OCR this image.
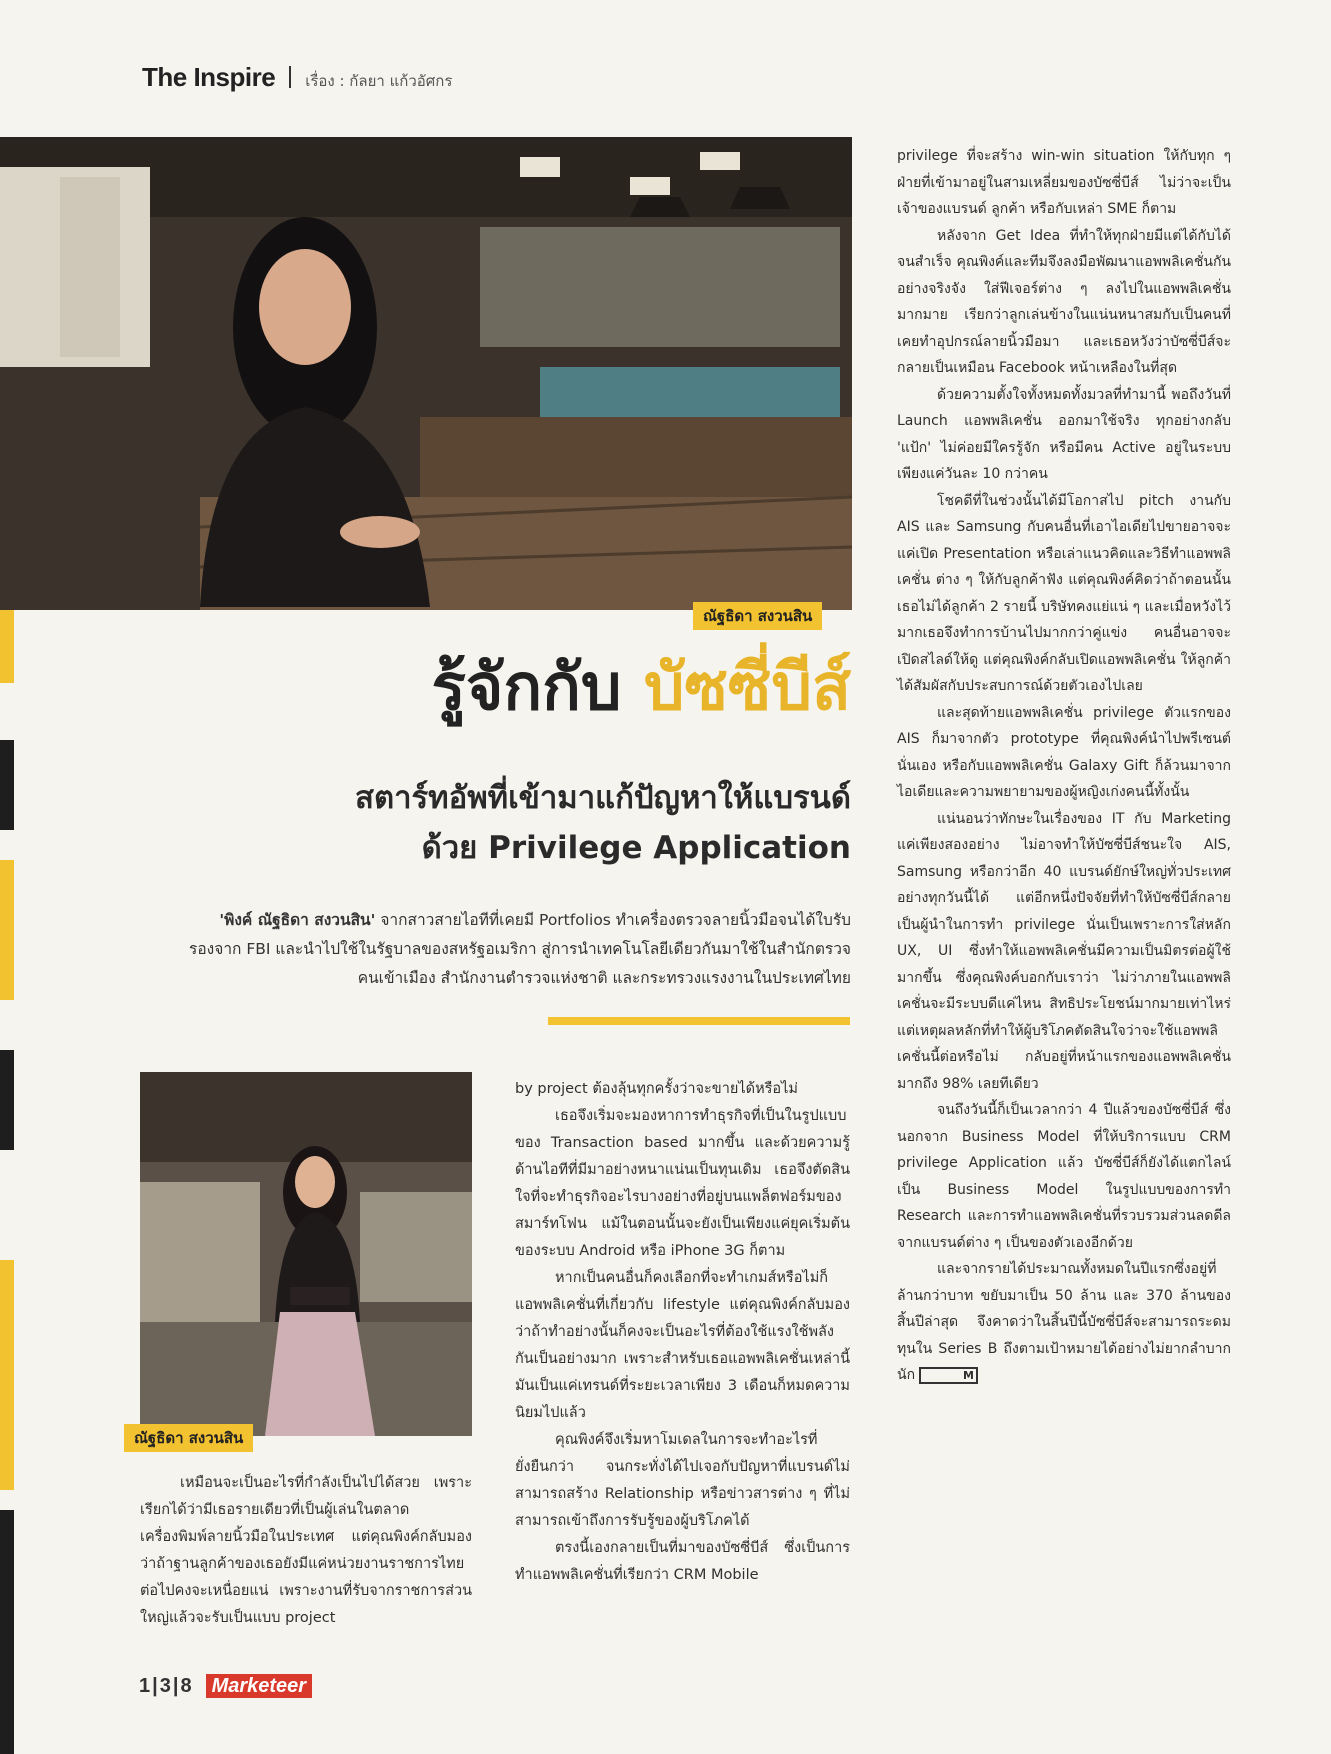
The Inspire เรื่อง : กัลยา แก้วอัศกร
ณัฐธิดา สงวนสิน
รู้จักกับ บัซซี่บีส์
สตาร์ทอัพที่เข้ามาแก้ปัญหาให้แบรนด์
ด้วย Privilege Application
'พิงค์ ณัฐธิดา สงวนสิน' จากสาวสายไอทีที่เคยมี Portfolios ทำเครื่องตรวจลายนิ้วมือจนได้ใบรับ
รองจาก FBI และนำไปใช้ในรัฐบาลของสหรัฐอเมริกา สู่การนำเทคโนโลยีเดียวกันมาใช้ในสำนักตรวจ
คนเข้าเมือง สำนักงานตำรวจแห่งชาติ และกระทรวงแรงงานในประเทศไทย
ณัฐธิดา สงวนสิน

เหมือนจะเป็นอะไรที่กำลังเป็นไปได้สวย เพราะเรียกได้ว่ามีเธอรายเดียวที่เป็นผู้เล่นในตลาดเครื่องพิมพ์ลายนิ้วมือในประเทศ แต่คุณพิงค์กลับมองว่าถ้าฐานลูกค้าของเธอยังมีแค่หน่วยงานราชการไทย ต่อไปคงจะเหนื่อยแน่ เพราะงานที่รับจากราชการส่วนใหญ่แล้วจะรับเป็นแบบ project

by project ต้องลุ้นทุกครั้งว่าจะขายได้หรือไม่

เธอจึงเริ่มจะมองหาการทำธุรกิจที่เป็นในรูปแบบของ Transaction based มากขึ้น และด้วยความรู้ด้านไอทีที่มีมาอย่างหนาแน่นเป็นทุนเดิม เธอจึงตัดสินใจที่จะทำธุรกิจอะไรบางอย่างที่อยู่บนแพล็ตฟอร์มของสมาร์ทโฟน แม้ในตอนนั้นจะยังเป็นเพียงแค่ยุคเริ่มต้นของระบบ Android หรือ iPhone 3G ก็ตาม

หากเป็นคนอื่นก็คงเลือกที่จะทำเกมส์หรือไม่ก็แอพพลิเคชั่นที่เกี่ยวกับ lifestyle แต่คุณพิงค์กลับมองว่าถ้าทำอย่างนั้นก็คงจะเป็นอะไรที่ต้องใช้แรงใช้พลังกันเป็นอย่างมาก เพราะสำหรับเธอแอพพลิเคชั่นเหล่านี้มันเป็นแค่เทรนด์ที่ระยะเวลาเพียง 3 เดือนก็หมดความนิยมไปแล้ว

คุณพิงค์จึงเริ่มหาโมเดลในการจะทำอะไรที่ยั่งยืนกว่า จนกระทั่งได้ไปเจอกับปัญหาที่แบรนด์ไม่สามารถสร้าง Relationship หรือข่าวสารต่าง ๆ ที่ไม่สามารถเข้าถึงการรับรู้ของผู้บริโภคได้

ตรงนี้เองกลายเป็นที่มาของบัซซี่บีส์ ซึ่งเป็นการทำแอพพลิเคชั่นที่เรียกว่า CRM Mobile

privilege ที่จะสร้าง win-win situation ให้กับทุก ๆ ฝ่ายที่เข้ามาอยู่ในสามเหลี่ยมของบัซซี่บีส์ ไม่ว่าจะเป็นเจ้าของแบรนด์ ลูกค้า หรือกับเหล่า SME ก็ตาม

หลังจาก Get Idea ที่ทำให้ทุกฝ่ายมีแต่ได้กับได้จนสำเร็จ คุณพิงค์และทีมจึงลงมือพัฒนาแอพพลิเคชั่นกันอย่างจริงจัง ใส่ฟีเจอร์ต่าง ๆ ลงไปในแอพพลิเคชั่น มากมาย เรียกว่าลูกเล่นข้างในแน่นหนาสมกับเป็นคนที่เคยทำอุปกรณ์ลายนิ้วมือมา และเธอหวังว่าบัซซี่บีส์จะกลายเป็นเหมือน Facebook หน้าเหลืองในที่สุด

ด้วยความตั้งใจทั้งหมดทั้งมวลที่ทำมานี้ พอถึงวันที่ Launch แอพพลิเคชั่น ออกมาใช้จริง ทุกอย่างกลับ 'แป้ก' ไม่ค่อยมีใครรู้จัก หรือมีคน Active อยู่ในระบบเพียงแค่วันละ 10 กว่าคน

โชคดีที่ในช่วงนั้นได้มีโอกาสไป pitch งานกับ AIS และ Samsung กับคนอื่นที่เอาไอเดียไปขายอาจจะแค่เปิด Presentation หรือเล่าแนวคิดและวิธีทำแอพพลิเคชั่น ต่าง ๆ ให้กับลูกค้าฟัง แต่คุณพิงค์คิดว่าถ้าตอนนั้นเธอไม่ได้ลูกค้า 2 รายนี้ บริษัทคงแย่แน่ ๆ และเมื่อหวังไว้มากเธอจึงทำการบ้านไปมากกว่าคู่แข่ง คนอื่นอาจจะเปิดสไลด์ให้ดู แต่คุณพิงค์กลับเปิดแอพพลิเคชั่น ให้ลูกค้าได้สัมผัสกับประสบการณ์ด้วยตัวเองไปเลย

และสุดท้ายแอพพลิเคชั่น privilege ตัวแรกของ AIS ก็มาจากตัว prototype ที่คุณพิงค์นำไปพรีเซนต์นั่นเอง หรือกับแอพพลิเคชั่น Galaxy Gift ก็ล้วนมาจากไอเดียและความพยายามของผู้หญิงเก่งคนนี้ทั้งนั้น

แน่นอนว่าทักษะในเรื่องของ IT กับ Marketing แค่เพียงสองอย่าง ไม่อาจทำให้บัซซี่บีส์ชนะใจ AIS, Samsung หรือกว่าอีก 40 แบรนด์ยักษ์ใหญ่ทั่วประเทศอย่างทุกวันนี้ได้ แต่อีกหนึ่งปัจจัยที่ทำให้บัซซี่บีส์กลายเป็นผู้นำในการทำ privilege นั่นเป็นเพราะการใส่หลัก UX, UI ซึ่งทำให้แอพพลิเคชั่นมีความเป็นมิตรต่อผู้ใช้มากขึ้น ซึ่งคุณพิงค์บอกกับเราว่า ไม่ว่าภายในแอพพลิเคชั่นจะมีระบบดีแค่ไหน สิทธิประโยชน์มากมายเท่าไหร่ แต่เหตุผลหลักที่ทำให้ผู้บริโภคตัดสินใจว่าจะใช้แอพพลิเคชั่นนี้ต่อหรือไม่ กลับอยู่ที่หน้าแรกของแอพพลิเคชั่น มากถึง 98% เลยทีเดียว

จนถึงวันนี้ก็เป็นเวลากว่า 4 ปีแล้วของบัซซี่บีส์ ซึ่งนอกจาก Business Model ที่ให้บริการแบบ CRM privilege Application แล้ว บัซซี่บีส์ก็ยังได้แตกไลน์เป็น Business Model ในรูปแบบของการทำ Research และการทำแอพพลิเคชั่นที่รวบรวมส่วนลดดีลจากแบรนด์ต่าง ๆ เป็นของตัวเองอีกด้วย

และจากรายได้ประมาณทั้งหมดในปีแรกซึ่งอยู่ที่ล้านกว่าบาท ขยับมาเป็น 50 ล้าน และ 370 ล้านของสิ้นปีล่าสุด จึงคาดว่าในสิ้นปีนี้บัซซี่บีส์จะสามารถระดมทุนใน Series B ถึงตามเป้าหมายได้อย่างไม่ยากลำบากนัก	M

1|3|8 Marketeer
